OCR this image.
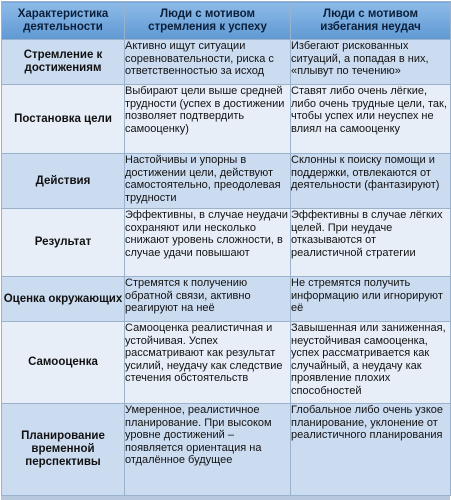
Характеристика деятельности	Люди с мотивом стремления к успеху	Люди с мотивом избегания неудач
Стремление к достижениям	Активно ищут ситуации соревновательности, риска с ответственностью за исход	Избегают рискованных ситуаций, а попадая в них, «плывут по течению»
Постановка цели	Выбирают цели выше средней трудности (успех в достижении позволяет подтвердить самооценку)	Ставят либо очень лёгкие, либо очень трудные цели, так, чтобы успех или неуспех не влиял на самооценку
Действия	Настойчивы и упорны в достижении цели, действуют самостоятельно, преодолевая трудности	Склонны к поиску помощи и поддержки, отвлекаются от деятельности (фантазируют)
Результат	Эффективны, в случае неудачи сохраняют или несколько снижают уровень сложности, в случае удачи повышают	Эффективны в случае лёгких целей. При неудаче отказываются от реалистичной стратегии
Оценка окружающих	Стремятся к получению обратной связи, активно реагируют на неё	Не стремятся получить информацию или игнорируют её
Самооценка	Самооценка реалистичная и устойчивая. Успех рассматривают как результат усилий, неудачу как следствие стечения обстоятельств	Завышенная или заниженная, неустойчивая самооценка, успех рассматривается как случайный, а неудачу как проявление плохих способностей
Планирование временной перспективы	Умеренное, реалистичное планирование. При высоком уровне достижений – появляется ориентация на отдалённое будущее	Глобальное либо очень узкое планирование, уклонение от реалистичного планирования
